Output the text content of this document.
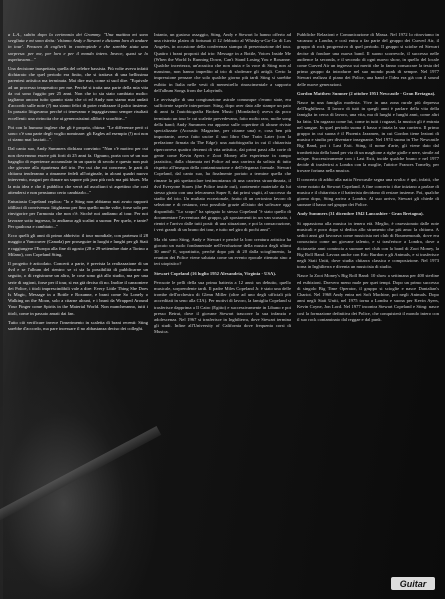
a L.A., subito dopo la cerimonia dei Grammy. "Una mattina mi sono svegliata e mi sono detta: 'chiamo Andy e Stewart e diciamo loro di andare in tour'. Pensavo di coglierli in contropiede e che sarebbe stata una sorpresa: per me, per loro e per il mondo intero. Invece, quasi se lo aspettavano..."

Una decisione inaspettata, quella del celebre bassista. Più volte aveva infatti dichiarato che quel periodo era finito, che si trattava di una bellissima parentesi artistica ma terminata. Mai dire mai, come si suol dire. "Equivale ad un processo terapeutico per me. Perché si tratta una parte della mia vita da cui sono fuggito per 25 anni. Non che io sia stato cambiato molto: tagliamo ancora tutto quanto stato che ci ed Andy non siamo mai andati d'accordo sulle note (?) ma siamo felici di poter realizzare il palco insieme. In passato litigavamo perché ci tenevamo e ingaggiavamo sempre risultati eccellenti: una rivincita che ai generosissimi allibri è sconfitte..."

Poi con lo humour inglese che gli è proprio, chiosa: "Le differenze però ci sono: c'è una parte degli voglio nominare: gli Eagles ad esempio (!) noi non ci siamo mai lasciati...".

Dal canto suo, Andy Summers dichiara convinto: "Non c'è motivo per cui non dovremmo essere più forti di 25 anni fa. Ognuno, porta con sé un suo bagaglio di esperienze accumulate in un quarto di secolo e questo non può che giovare alla ripartenza del trio. Per cui che mi concerne, le parti di chitarra tenderanno a rimanere fedeli all'originale, in alcuni quadri nuovo intervento, magari per donare un sapore più jazz più rock ma più blues. Ma la mia idea e che il pubblico che verrà ad ascoltarci si aspettino che così attendersi e non pensiamo certo cambiarlo..."

Entusiasta Copeland replica: "Io e Sting non abbiamo mai avuto rapporti idilliaci di convivenza: litighiamo per fino quello molte volte, forse solo per rinvigorire per l'armonia che non c'è. Sicché noi andiamo al tour. Per noi lavorare sotto ingresso, lo andiamo agli scalini a suonar. Per quelo, e tante? Per qualcosa e cambiato..."

Ecco quelli gli anni di primo abbrivio: il tour mondiale, con partenza il 28 maggio a Vancouver (Canada) per proseguire in luoghi e lunghi per gli Stati e raggiungere l'Europa alla fine di agosto (28 e 29 settembre date a Torino a Milano), con Copeland Sting.

Il progetto è articolato. Concerti a parte, è prevista la realizzazione di un dvd e se l'album del rientro: se ci sia la possibilità di pubblicarne un seguito, o di registrarne un altro, le cose sono già allo studio, ma per una serie di ragioni, forse per il tour, si era già deciso di no. Inoltre il canzoniere dei Police, i titoli imprescindibili vale a dire: Every Little Thing She Does Is Magic, Message in a Bottle e Roxanne, e brani come So Lonely o Walking on the Moon, solo a citarne alcuni, e i brani da Wrapped Around Your Finger come Spirits in the Material World. Non mancheranno, tutti i titoli, come in passato amati dai fan.

Tutto ciò verificare invece l'inserimento in scaletta di brani recenti: Sting sarebbe d'accordo, ma pare incessare il no abbastanza deciso dei colleghi.

Intanto, un gustoso assaggio, Sting, Andy e Stewart lo hanno offerto ad una ristretta platea di fortunati il 12 febbraio al Whisky-a-Go-Go di Los Angeles, in occasione della conferenza stampa di presentazione del tour. Quattro i brani proposti dal trio: Message in a Bottle, Voices Inside Me (When the World Is Running Down, Can't Stand Losing You e Roxanne. Qualche incertezza, un'acustica che non aiuta e la voce di Sting non al massimo, non hanno impedito al trio di sfoderare gli artigli. Certo la impressione pensare che solo qualche giorno più tardi Sting si sarebbe esibito in Italia nelle vesti di menestrello rinascimentale a supporto dell'album Songs from the Labyrinth.

Le avvisaglie di una congiunzione astrale comunque c'erano state, era sufficiente saperle interpretare. Sting, dopo aver dato alle stampe un paio di anni fa l'autobiografia Broken Music (Mondadori) aveva da poco terminato un tour le cui scalette prevedevano, fatto molto raro, molte song della band; Andy Summers era apparso sulle copertine di alcune riviste specializzate (Acoustic Magazine, per citarne una) e, cosa ben più importante, aveva fatto uscire il suo libro One Train Later (con la prefazione firmata da The Edge): una autobiografia in cui il chitarrista ripercorreva quattro decenni di vita artistica, dai primi passi alla corte di gente come Kevin Ayers e Zoot Money alle esperienze in campo jazzistico, dalla chiamata nei Police ad una carriera da solista di tutto rispetto all'insegna della contaminazione e dell'eleganza formale. Stewart Copeland, dal canto suo, ha finalmente portato a termine quella che rimane la più spettacolare testimonianza di una carriera straordinaria, il dvd Everyone Stares (the Police inside out), contenente materiale da lui stesso girato con una telecamera Super 8, dai primi vagiti, al successo da stadio del trio. Un multato eccezionale, frutto di un certosino lavoro di selezione e di restauro, reso possibile grazie all'aiuto dei software oggi disponibili. "Lo scopo" ha spiegato lo stesso Copeland "è stato quello di documentare l'avventura del gruppo, gli spostamenti in un van scassato, i rientri e l'arrivo dalle tutti posti: di una situazione, e poi la consacrazione, i veri grandi di un brano dei tour, e tutto nel giro di pochi anni".

Ma chi sono Sting, Andy e Stewart e perché la loro creatura artistica ha giocato un ruolo fondamentale nell'evoluzione della musica degli ultimi 30 anni? E, soprattutto, perché dopo più di 20 dalla scioglimento, la reunion dei Police viene salutata come un evento epocale ritenuto sino a ieri utopistico?

Stewart Copeland (16 luglio 1952 Alexandria, Virginia - USA).

Percuote le pelli della sua prima batteria a 12 anni: un debutto, quello musicale, sorprendente tardi. Il padre Miles Copeland Jr. è stato una delle trombe dell'orchestra di Glenn Miller (oltre ad uno degli ufficiali più accreditati in seno alla CIA). Per motivi di lavoro, la famiglia Copeland si trasferisce dapprima a Il Cairo (Egitto) e successivamente in Libano e poi presso Beirut, dove il giovane Stewart trascorre la sua infanzia e adolescenza. Nel 1967 si trasferisce in Inghilterra, dove Stewart termina gli studi. Infine all'University of California dove frequenta corsi di Musica.

Pubbliche Relazioni e Comunicazione di Massa. Nel 1972 lo ritroviamo in vacanza: a Londra, e così entra a far parte del gruppo dei Curved Air, il gruppo di rock progressivo di quel periodo. Il gruppo si sciolse ed Stewart decise di fondare una nuova band. Il suono scorrevole, il successo nelle audience la seconda, e il secondo di ogni nuovo show, in quello del locale come Curved Air un ingresso sui meriti che lo fanno consacrare la testa del primo gruppo da introdurre nel suo mondo punk di sempre. Nel 1977 Stewart realizza il piano dei Police, una band e l'idea era già con il sound delle nuove generazioni.

Gordon Matthew Sumner (2 ottobre 1951 Newcastle - Gran Bretagna).

Nasce in una famiglia modesta. Vive in una zona rurale più depressa dell'Inghilterra. Il lavoro di tutti in quegli anni è parlare della vita della famiglia in cerca di lavoro, una vita, ma di lunghi e lunghi anni, come altri ha fatto. Un ragazzo come lui, come in tutti i ragazzi, la musica gli è entrata nel sangue. In quel periodo suona il basso e inizia la sua carriera. Il primo gruppo in cui suona è il Phoenix Jazzmen, in cui Gordon tiene lezioni di musica e studia per diventare insegnante. Nel 1974 suona in The Newcastle Big Band, poi i Last Exit. Sting, il nome d'arte, gli viene dato dal trombettista della band per via di un maglione a righe gialle e nere, simile ad un'ape. Successivamente con i Last Exit, incide qualche brano e nel 1977 decide di trasferirsi a Londra con la moglie, l'attrice Frances Tomelty, per trovare fortuna nella musica.

Il concerto di addio alla natia Newcastle segna una svolta: è qui, infatti, che viene notato da Stewart Copeland. A fine concerto i due iniziano a parlare di musica e il chitarrista e il batterista decidono di restare insieme. Poi, qualche giorno dopo, Sting arriva a Londra. Al suo arrivo, Stewart gli chiede di suonare il basso nel gruppo dei Police.

Andy Summers (31 dicembre 1942 Lancashire - Gran Bretagna).

Si appassiona alla musica in tenera età. Meglio, è ossessionato dalle note musicali e poco dopo si dedica allo strumento che più ama: la chitarra. A sedici anni già lavorava come musicista nei club di Bournemouth, dove era conosciuto come un giovane talento, e si trasferisce a Londra, dove a diciassette anni comincia a suonare nei club con la band di Zoot Money, la Big Roll Band. Lavora anche con Eric Burdon e gli Animals, e si trasferisce negli Stati Uniti, dove studia chitarra classica e composizione. Nel 1973 torna in Inghilterra e diventa un musicista di studio.

Nasce la Zoot Money's Big Roll Band: 10 show a settimana per 400 sterline ed esibizioni. Davvero meno male per quei tempi. Dopo un primo successo di singolo Big Time Operator, il gruppo si scioglie e nasce Dantalian's Chariot. Nel 1968 Andy entra nei Soft Machine, poi negli Animals. Dopo anni negli Stati Uniti, nel 1975 torna a Londra e suona per Kevin Ayers, Kevin Coyne, Jon Lord. Nel 1977 incontra Stewart Copeland e Sting: nasce così la formazione definitiva dei Police, che conquisterà il mondo intero con il suo rock contaminato dal reggae e dal punk.

Guitar
